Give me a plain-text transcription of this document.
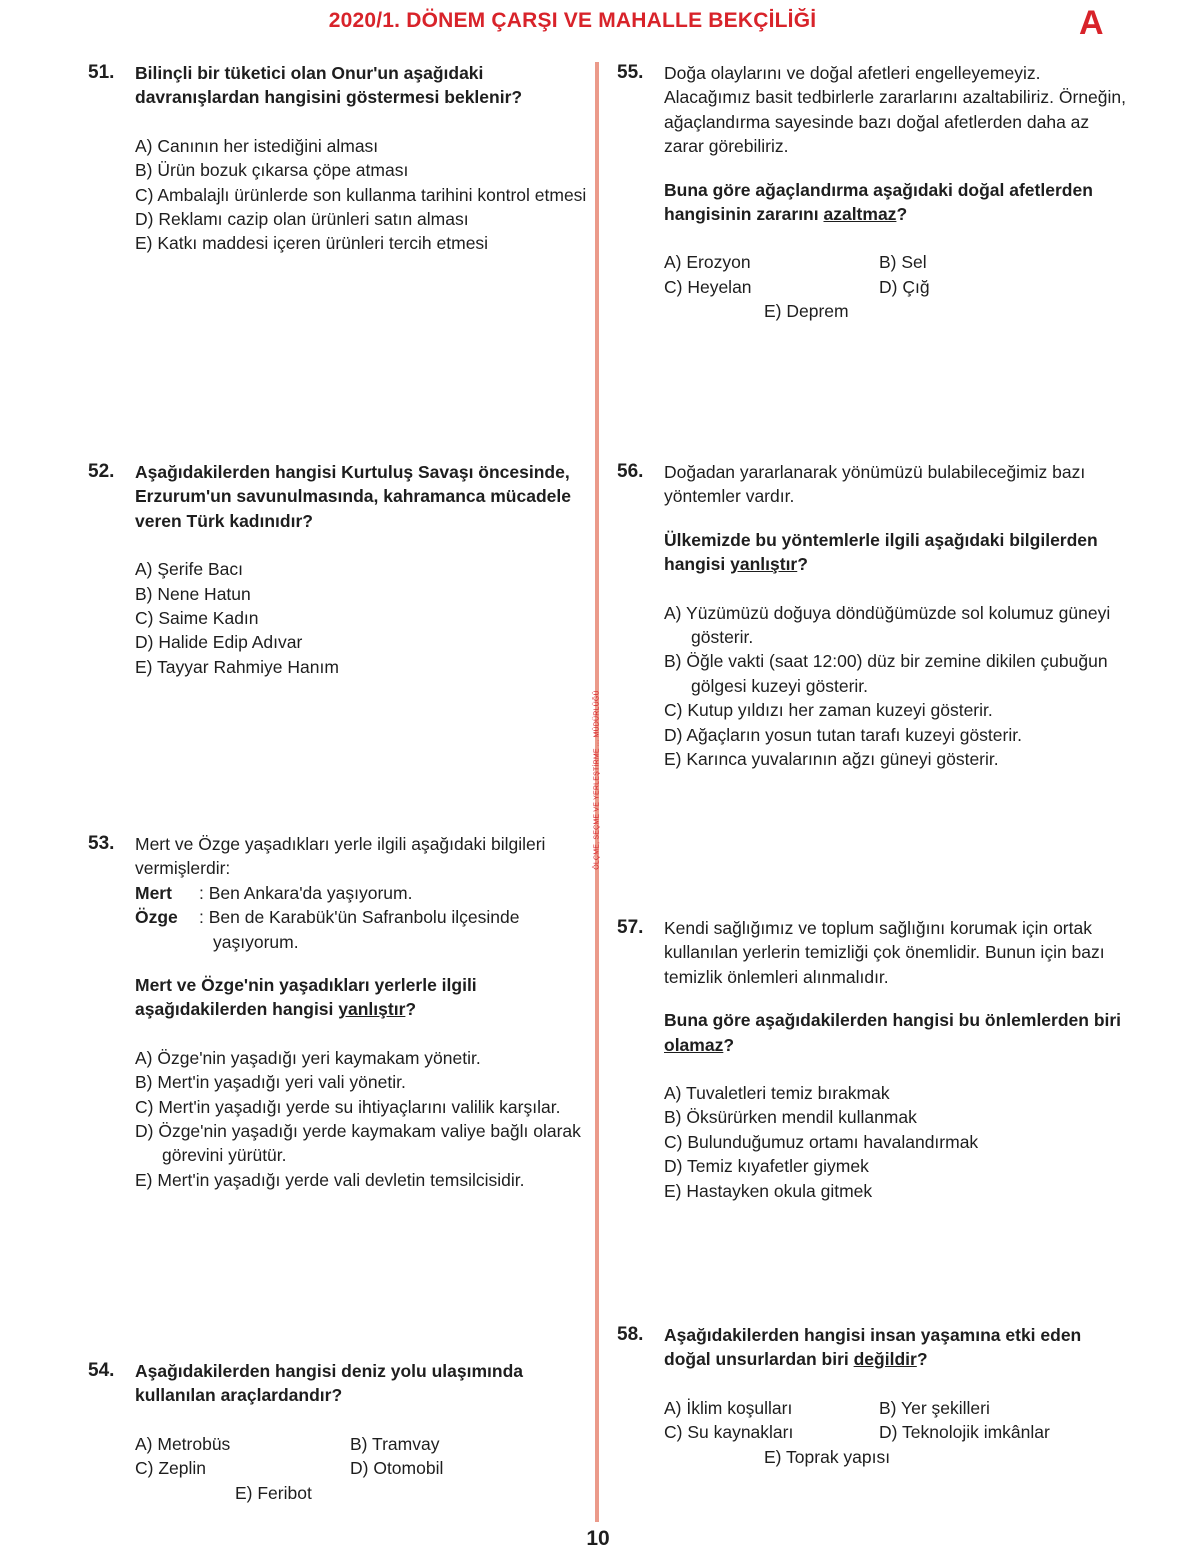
2020/1. DÖNEM ÇARŞI VE MAHALLE BEKÇİLİĞİ	A
ÖLÇME, SEÇME VE YERLEŞTİRME ... MÜDÜRLÜĞÜ
51. Bilinçli bir tüketici olan Onur'un aşağıdaki davranışlardan hangisini göstermesi beklenir?

A) Canının her istediğini alması
B) Ürün bozuk çıkarsa çöpe atması
C) Ambalajlı ürünlerde son kullanma tarihini kontrol etmesi
D) Reklamı cazip olan ürünleri satın alması
E) Katkı maddesi içeren ürünleri tercih etmesi
52. Aşağıdakilerden hangisi Kurtuluş Savaşı öncesinde, Erzurum'un savunulmasında, kahramanca mücadele veren Türk kadınıdır?

A) Şerife Bacı
B) Nene Hatun
C) Saime Kadın
D) Halide Edip Adıvar
E) Tayyar Rahmiye Hanım
53. Mert ve Özge yaşadıkları yerle ilgili aşağıdaki bilgileri vermişlerdir:

Mert	: Ben Ankara'da yaşıyorum.
Özge	: Ben de Karabük'ün Safranbolu ilçesinde yaşıyorum.

Mert ve Özge'nin yaşadıkları yerlerle ilgili aşağıdakilerden hangisi yanlıştır?

A) Özge'nin yaşadığı yeri kaymakam yönetir.
B) Mert'in yaşadığı yeri vali yönetir.
C) Mert'in yaşadığı yerde su ihtiyaçlarını valilik karşılar.
D) Özge'nin yaşadığı yerde kaymakam valiye bağlı olarak görevini yürütür.
E) Mert'in yaşadığı yerde vali devletin temsilcisidir.
54. Aşağıdakilerden hangisi deniz yolu ulaşımında kullanılan araçlardandır?

A) Metrobüs	B) Tramvay
C) Zeplin	D) Otomobil
E) Feribot
55. Doğa olaylarını ve doğal afetleri engelleyemeyiz. Alacağımız basit tedbirlerle zararlarını azaltabiliriz. Örneğin, ağaçlandırma sayesinde bazı doğal afetlerden daha az zarar görebiliriz.

Buna göre ağaçlandırma aşağıdaki doğal afetlerden hangisinin zararını azaltmaz?

A) Erozyon	B) Sel
C) Heyelan	D) Çığ
E) Deprem
56. Doğadan yararlanarak yönümüzü bulabileceğimiz bazı yöntemler vardır.

Ülkemizde bu yöntemlerle ilgili aşağıdaki bilgilerden hangisi yanlıştır?

A) Yüzümüzü doğuya döndüğümüzde sol kolumuz güneyi gösterir.
B) Öğle vakti (saat 12:00) düz bir zemine dikilen çubuğun gölgesi kuzeyi gösterir.
C) Kutup yıldızı her zaman kuzeyi gösterir.
D) Ağaçların yosun tutan tarafı kuzeyi gösterir.
E) Karınca yuvalarının ağzı güneyi gösterir.
57. Kendi sağlığımız ve toplum sağlığını korumak için ortak kullanılan yerlerin temizliği çok önemlidir. Bunun için bazı temizlik önlemleri alınmalıdır.

Buna göre aşağıdakilerden hangisi bu önlemlerden biri olamaz?

A) Tuvaletleri temiz bırakmak
B) Öksürürken mendil kullanmak
C) Bulunduğumuz ortamı havalandırmak
D) Temiz kıyafetler giymek
E) Hastayken okula gitmek
58. Aşağıdakilerden hangisi insan yaşamına etki eden doğal unsurlardan biri değildir?

A) İklim koşulları	B) Yer şekilleri
C) Su kaynakları	D) Teknolojik imkânlar
E) Toprak yapısı
10
